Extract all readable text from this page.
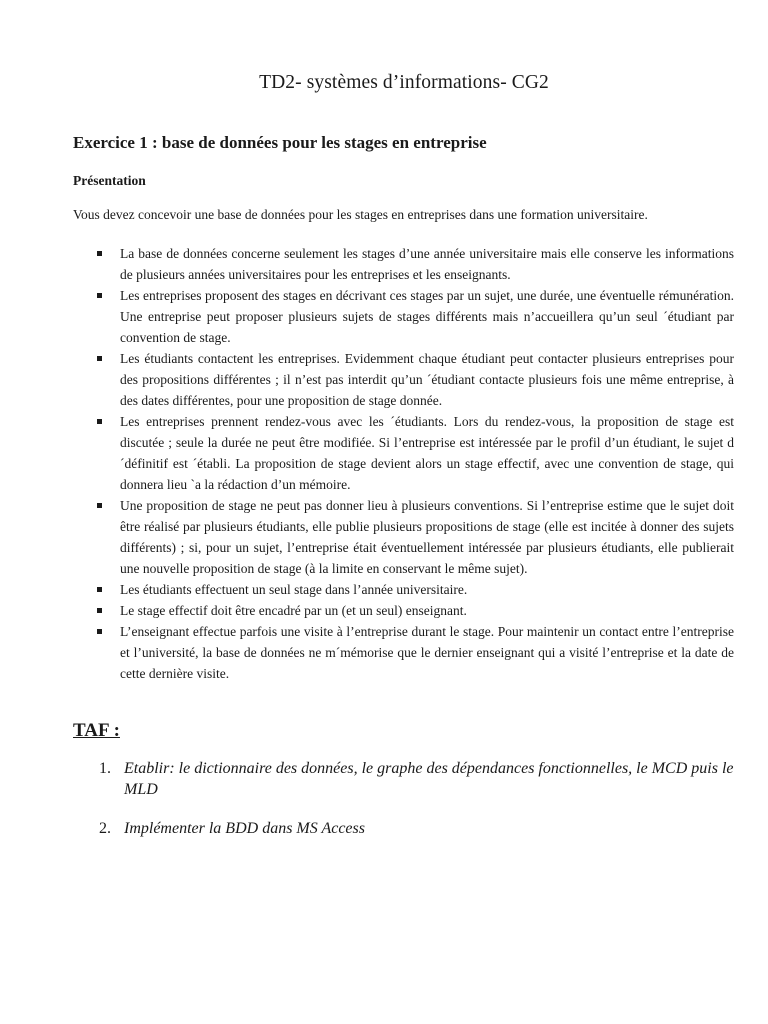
TD2- systèmes d’informations- CG2
Exercice 1 : base de données pour les stages en entreprise
Présentation
Vous devez concevoir une base de données pour les stages en entreprises dans une formation universitaire.
La base de données concerne seulement les stages d’une année universitaire mais elle conserve les informations de plusieurs années universitaires pour les entreprises et les enseignants.
Les entreprises proposent des stages en décrivant ces stages par un sujet, une durée, une éventuelle rémunération. Une entreprise peut proposer plusieurs sujets de stages différents mais n’accueillera qu’un seul ´étudiant par convention de stage.
Les étudiants contactent les entreprises. Evidemment chaque étudiant peut contacter plusieurs entreprises pour des propositions différentes ; il n’est pas interdit qu’un ´étudiant contacte plusieurs fois une même entreprise, à des dates différentes, pour une proposition de stage donnée.
Les entreprises prennent rendez-vous avec les ´étudiants. Lors du rendez-vous, la proposition de stage est discutée ; seule la durée ne peut être modifiée. Si l’entreprise est intéressée par le profil d’un étudiant, le sujet d´définitif est ´établi. La proposition de stage devient alors un stage effectif, avec une convention de stage, qui donnera lieu `a la rédaction d’un mémoire.
Une proposition de stage ne peut pas donner lieu à plusieurs conventions. Si l’entreprise estime que le sujet doit être réalisé par plusieurs étudiants, elle publie plusieurs propositions de stage (elle est incitée à donner des sujets différents) ; si, pour un sujet, l’entreprise était éventuellement intéressée par plusieurs étudiants, elle publierait une nouvelle proposition de stage (à la limite en conservant le même sujet).
Les étudiants effectuent un seul stage dans l’année universitaire.
Le stage effectif doit être encadré par un (et un seul) enseignant.
L’enseignant effectue parfois une visite à l’entreprise durant le stage. Pour maintenir un contact entre l’entreprise et l’université, la base de données ne m´mémorise que le dernier enseignant qui a visité l’entreprise et la date de cette dernière visite.
TAF :
1. Etablir: le dictionnaire des données, le graphe des dépendances fonctionnelles, le MCD puis le MLD
2. Implémenter la BDD dans MS Access
